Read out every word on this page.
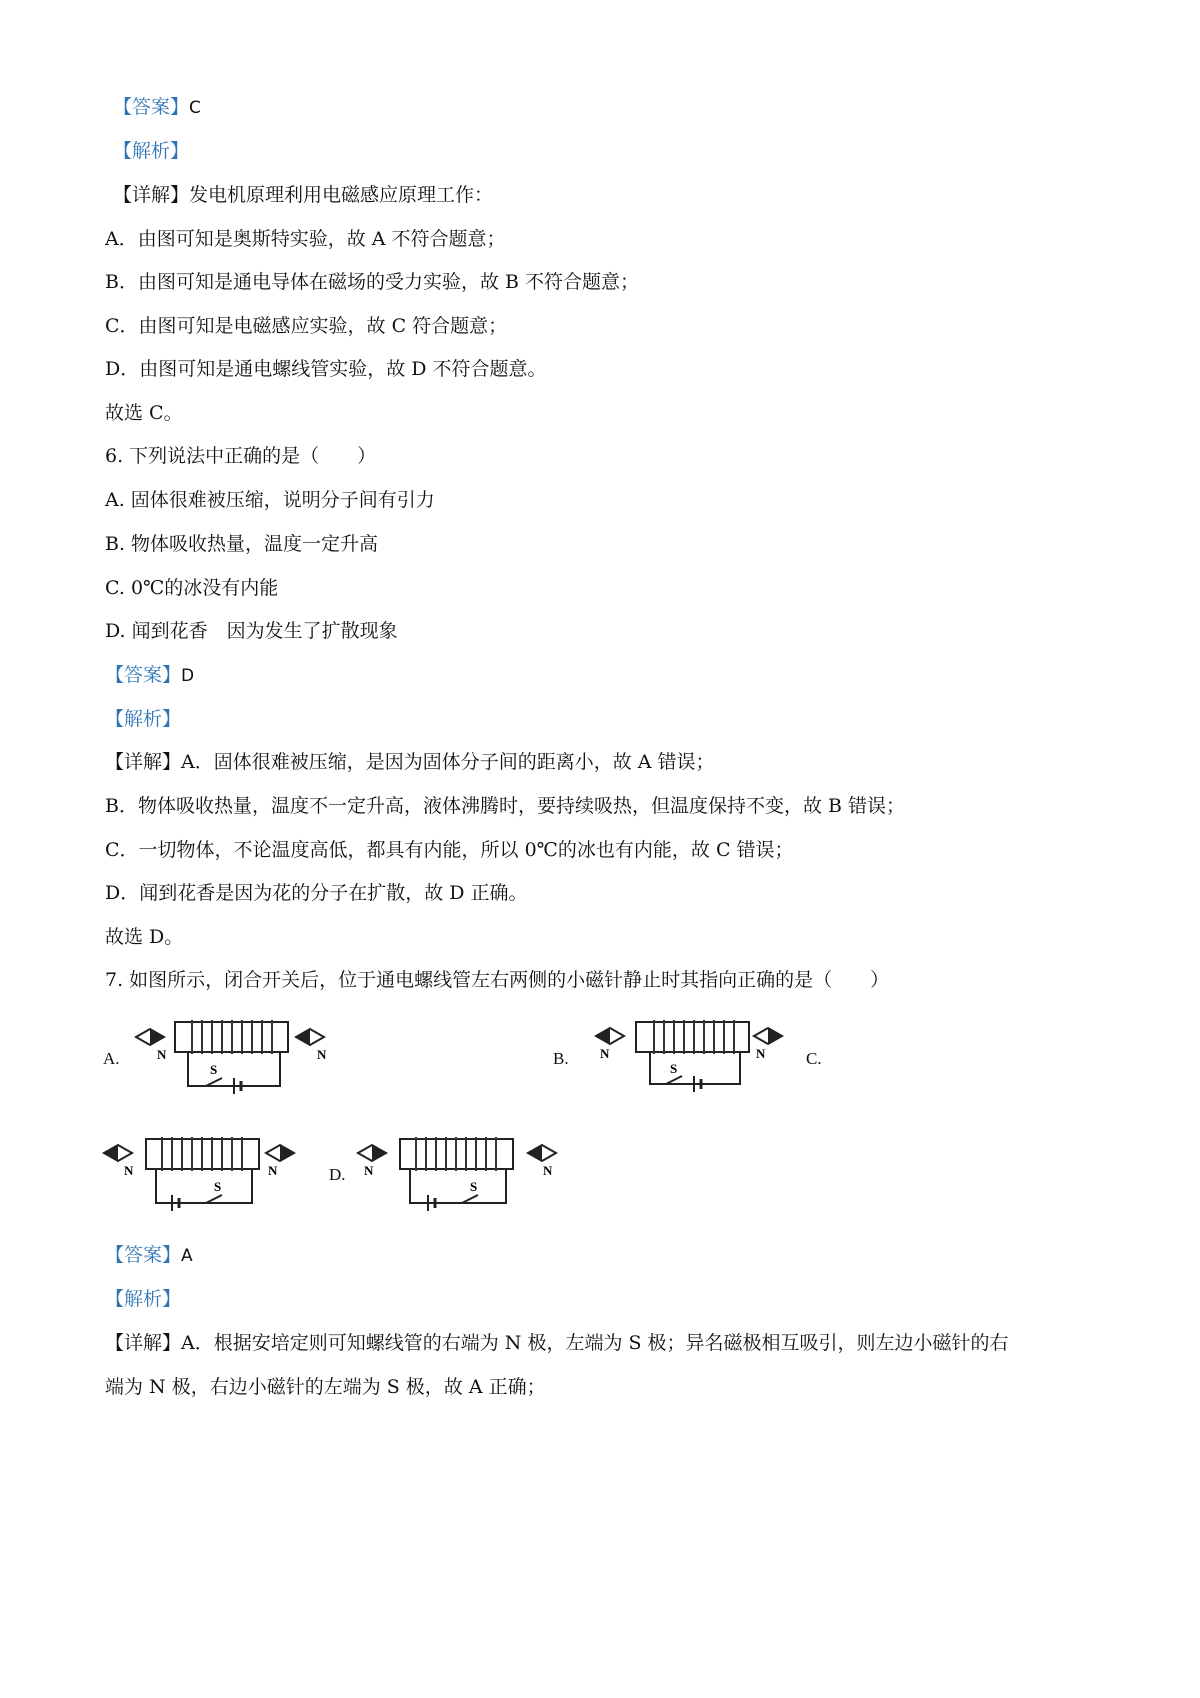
【答案】C
【解析】
【详解】发电机原理利用电磁感应原理工作：
A．由图可知是奥斯特实验，故 A 不符合题意；
B．由图可知是通电导体在磁场的受力实验，故 B 不符合题意；
C．由图可知是电磁感应实验，故 C 符合题意；
D．由图可知是通电螺线管实验，故 D 不符合题意。
故选 C。
6. 下列说法中正确的是（　　）
A. 固体很难被压缩，说明分子间有引力
B. 物体吸收热量，温度一定升高
C. 0℃的冰没有内能
D. 闻到花香　因为发生了扩散现象
【答案】D
【解析】
【详解】A．固体很难被压缩，是因为固体分子间的距离小，故 A 错误；
B．物体吸收热量，温度不一定升高，液体沸腾时，要持续吸热，但温度保持不变，故 B 错误；
C．一切物体，不论温度高低，都具有内能，所以 0℃的冰也有内能，故 C 错误；
D．闻到花香是因为花的分子在扩散，故 D 正确。
故选 D。
7. 如图所示，闭合开关后，位于通电螺线管左右两侧的小磁针静止时其指向正确的是（　　）
A.	B.	C.
D.
S
N	N
S
N	N
S
N	N
S
N	N
【答案】A
【解析】
【详解】A．根据安培定则可知螺线管的右端为 N 极，左端为 S 极；异名磁极相互吸引，则左边小磁针的右
端为 N 极，右边小磁针的左端为 S 极，故 A 正确；
